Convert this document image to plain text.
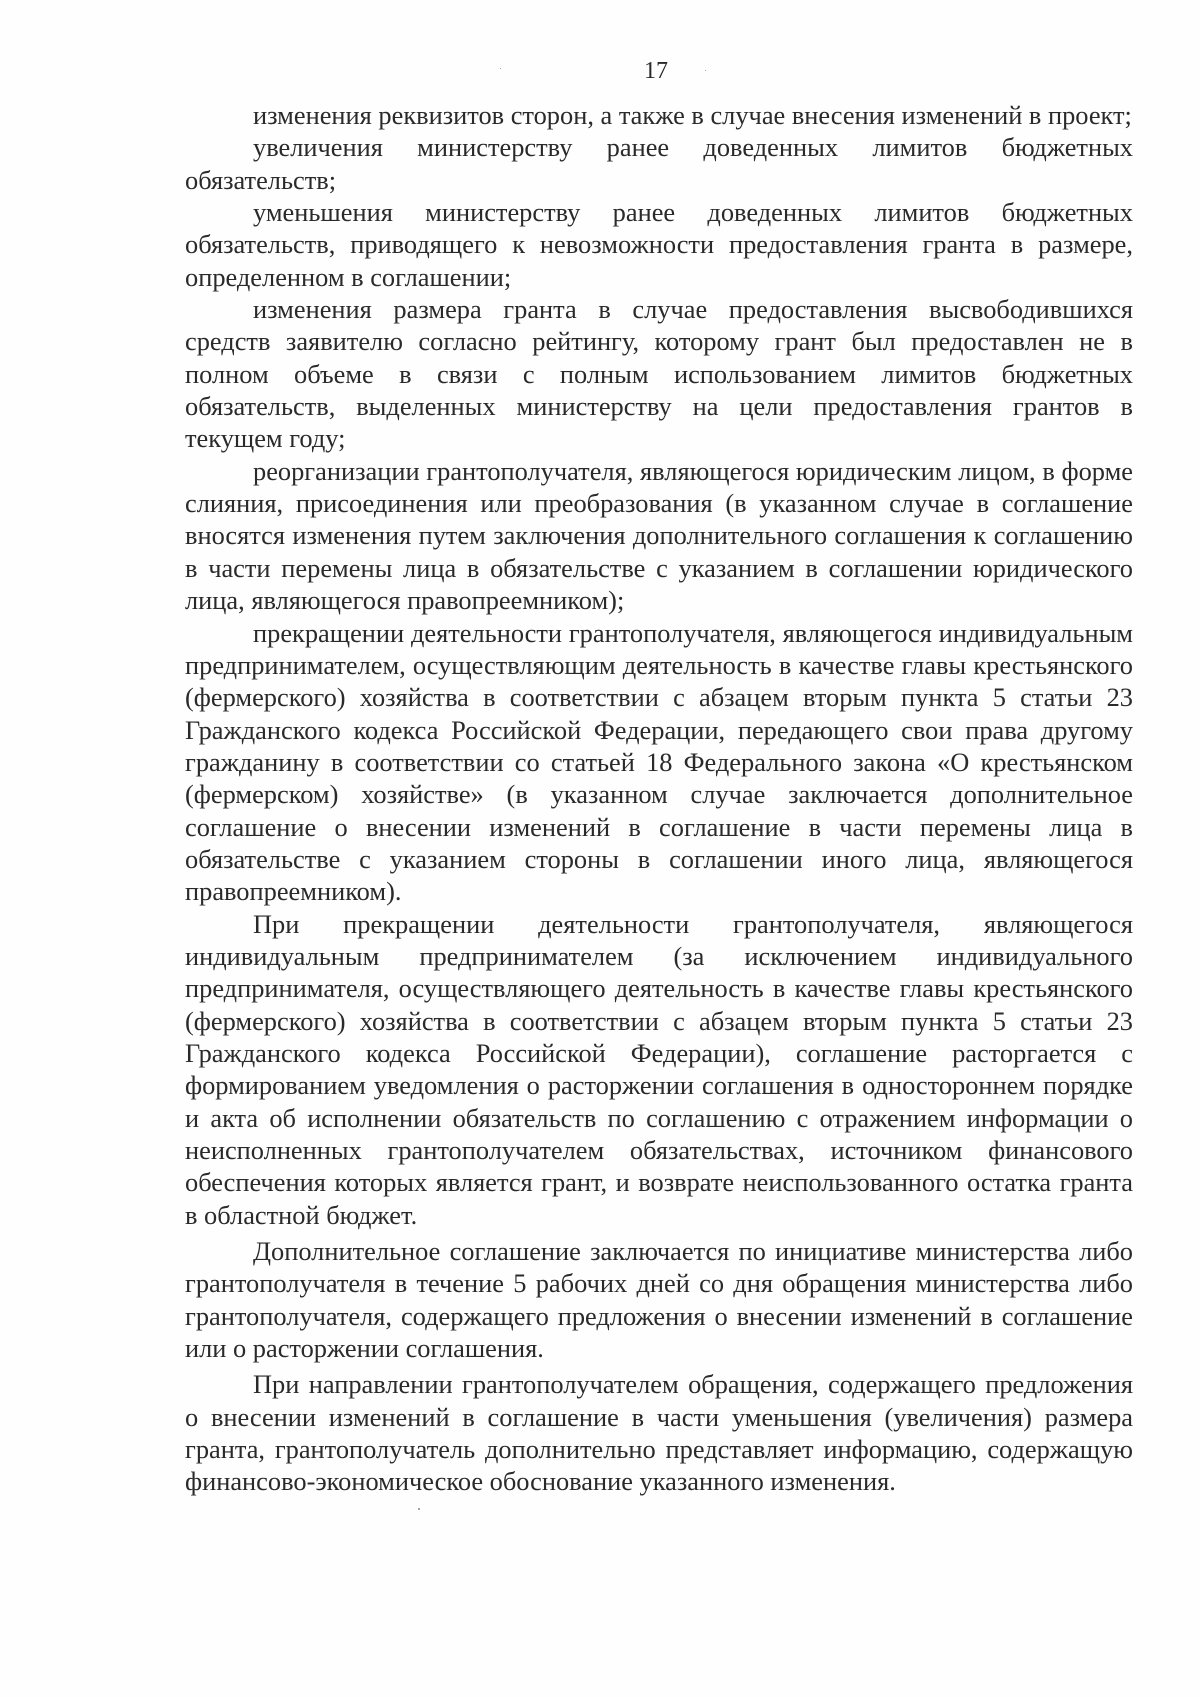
17

изменения реквизитов сторон, а также в случае внесения изменений в проект;

увеличения министерству ранее доведенных лимитов бюджетных обязательств;

уменьшения министерству ранее доведенных лимитов бюджетных обязательств, приводящего к невозможности предоставления гранта в размере, определенном в соглашении;

изменения размера гранта в случае предоставления высвободившихся средств заявителю согласно рейтингу, которому грант был предоставлен не в полном объеме в связи с полным использованием лимитов бюджетных обязательств, выделенных министерству на цели предоставления грантов в текущем году;

реорганизации грантополучателя, являющегося юридическим лицом, в форме слияния, присоединения или преобразования (в указанном случае в соглашение вносятся изменения путем заключения дополнительного соглашения к соглашению в части перемены лица в обязательстве с указанием в соглашении юридического лица, являющегося правопреемником);

прекращении деятельности грантополучателя, являющегося индивидуальным предпринимателем, осуществляющим деятельность в качестве главы крестьянского (фермерского) хозяйства в соответствии с абзацем вторым пункта 5 статьи 23 Гражданского кодекса Российской Федерации, передающего свои права другому гражданину в соответствии со статьей 18 Федерального закона «О крестьянском (фермерском) хозяйстве» (в указанном случае заключается дополнительное соглашение о внесении изменений в соглашение в части перемены лица в обязательстве с указанием стороны в соглашении иного лица, являющегося правопреемником).

При прекращении деятельности грантополучателя, являющегося индивидуальным предпринимателем (за исключением индивидуального предпринимателя, осуществляющего деятельность в качестве главы крестьянского (фермерского) хозяйства в соответствии с абзацем вторым пункта 5 статьи 23 Гражданского кодекса Российской Федерации), соглашение расторгается с формированием уведомления о расторжении соглашения в одностороннем порядке и акта об исполнении обязательств по соглашению с отражением информации о неисполненных грантополучателем обязательствах, источником финансового обеспечения которых является грант, и возврате неиспользованного остатка гранта в областной бюджет.

Дополнительное соглашение заключается по инициативе министерства либо грантополучателя в течение 5 рабочих дней со дня обращения министерства либо грантополучателя, содержащего предложения о внесении изменений в соглашение или о расторжении соглашения.

При направлении грантополучателем обращения, содержащего предложения о внесении изменений в соглашение в части уменьшения (увеличения) размера гранта, грантополучатель дополнительно представляет информацию, содержащую финансово-экономическое обоснование указанного изменения.
